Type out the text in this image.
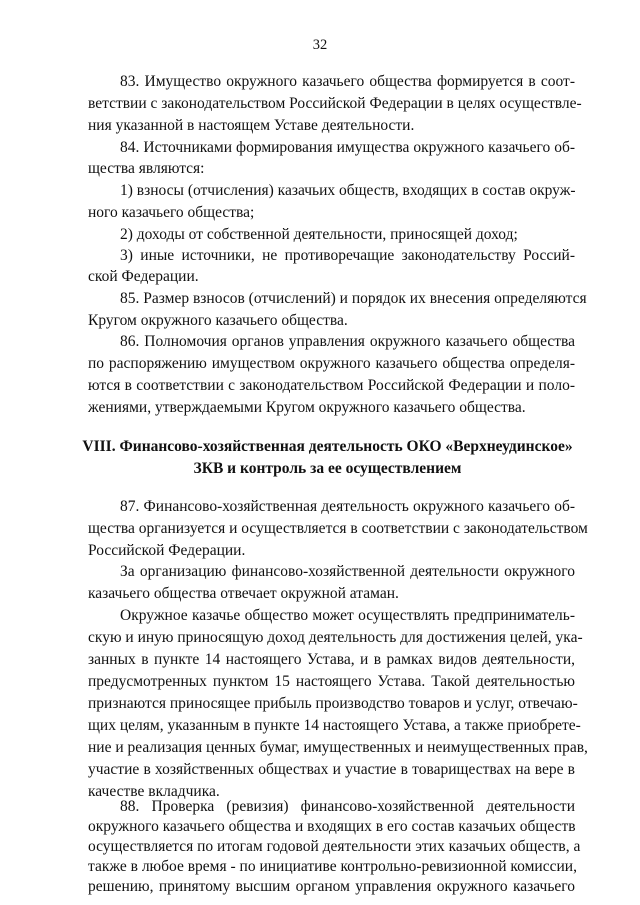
32
83. Имущество окружного казачьего общества формируется в соот-
ветствии с законодательством Российской Федерации в целях осуществле-
ния указанной в настоящем Уставе деятельности.
84. Источниками формирования имущества окружного казачьего об-
щества являются:
1) взносы (отчисления) казачьих обществ, входящих в состав окруж-
ного казачьего общества;
2) доходы от собственной деятельности, приносящей доход;
3) иные источники, не противоречащие законодательству Россий-
ской Федерации.
85. Размер взносов (отчислений) и порядок их внесения определяются
Кругом окружного казачьего общества.
86. Полномочия органов управления окружного казачьего общества
по распоряжению имуществом окружного казачьего общества определя-
ются в соответствии с законодательством Российской Федерации и поло-
жениями, утверждаемыми Кругом окружного казачьего общества.
VIII. Финансово-хозяйственная деятельность ОКО «Верхнеудинское»
ЗКВ и контроль за ее осуществлением
87. Финансово-хозяйственная деятельность окружного казачьего об-
щества организуется и осуществляется в соответствии с законодательством
Российской Федерации.
За организацию финансово-хозяйственной деятельности окружного
казачьего общества отвечает окружной атаман.
Окружное казачье общество может осуществлять предприниматель-
скую и иную приносящую доход деятельность для достижения целей, ука-
занных в пункте 14 настоящего Устава, и в рамках видов деятельности,
предусмотренных пунктом 15 настоящего Устава. Такой деятельностью
признаются приносящее прибыль производство товаров и услуг, отвечаю-
щих целям, указанным в пункте 14 настоящего Устава, а также приобрете-
ние и реализация ценных бумаг, имущественных и неимущественных прав,
участие в хозяйственных обществах и участие в товариществах на вере в
качестве вкладчика.
88. Проверка (ревизия) финансово-хозяйственной деятельности
окружного казачьего общества и входящих в его состав казачьих обществ
осуществляется по итогам годовой деятельности этих казачьих обществ, а
также в любое время - по инициативе контрольно-ревизионной комиссии,
решению, принятому высшим органом управления окружного казачьего
